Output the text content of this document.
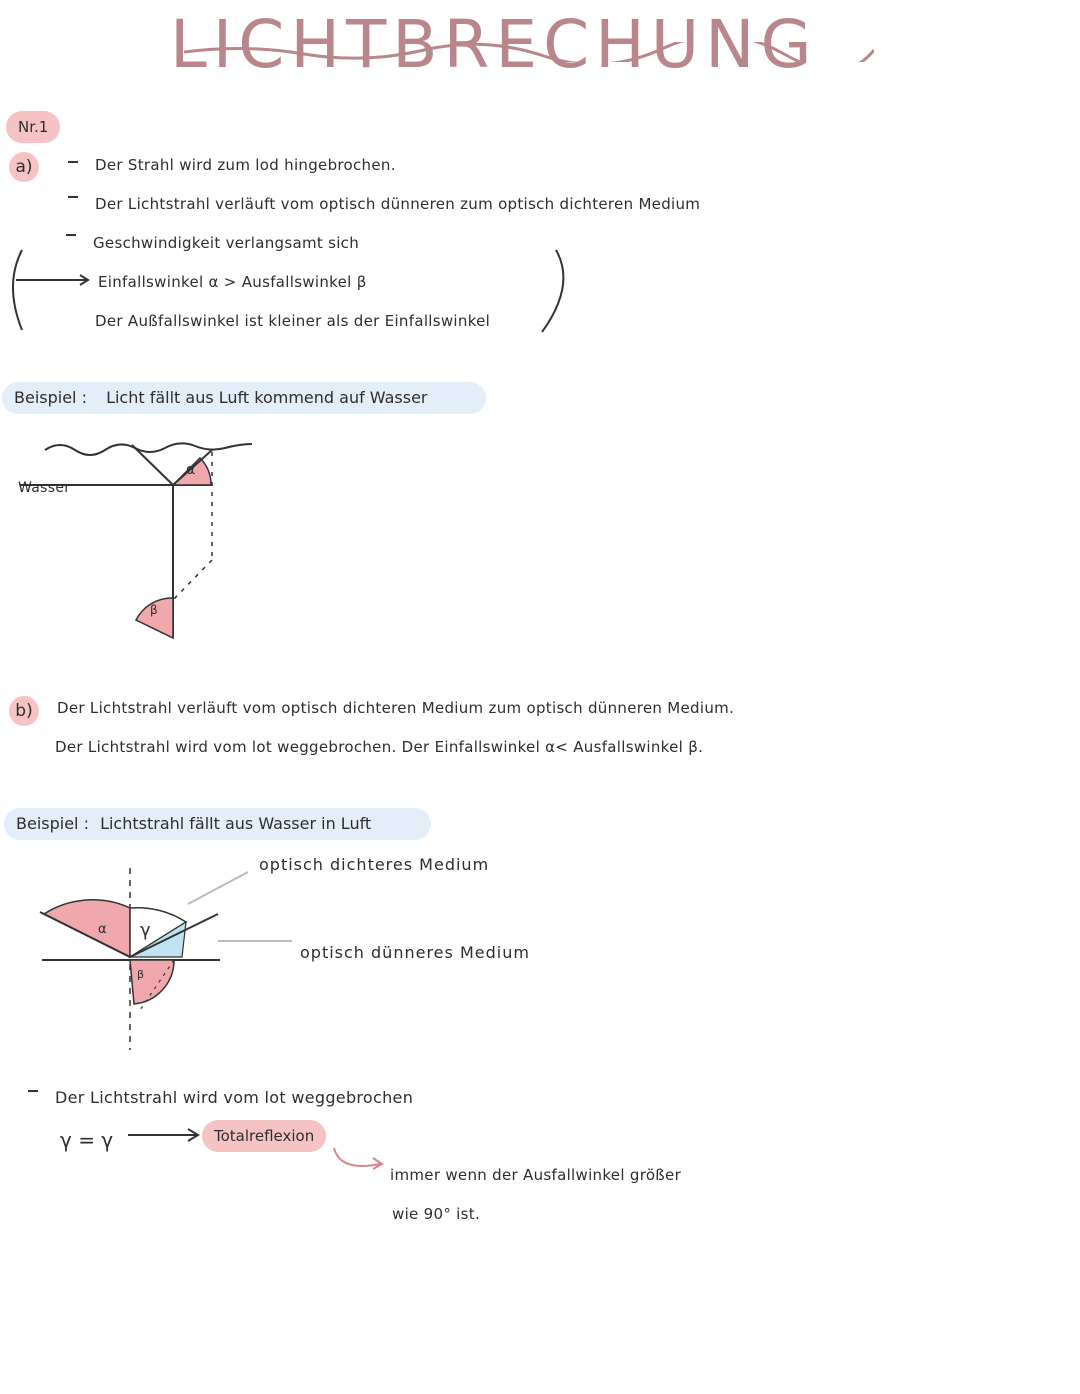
LICHTBRECHUNG
Nr.1
a)	Der Strahl wird zum lod hingebrochen.
Der Lichtstrahl verläuft vom optisch dünneren zum optisch dichteren Medium
Geschwindigkeit verlangsamt sich
Einfallswinkel α > Ausfallswinkel β
Der Außfallswinkel ist kleiner als der Einfallswinkel
Beispiel : Licht fällt aus Luft kommend auf Wasser
Wasser
α
β
b)	Der Lichtstrahl verläuft vom optisch dichteren Medium zum optisch dünneren Medium.
Der Lichtstrahl wird vom lot weggebrochen. Der Einfallswinkel α< Ausfallswinkel β.
Beispiel : Lichtstrahl fällt aus Wasser in Luft
α γ
β
optisch dichteres Medium
optisch dünneres Medium
Der Lichtstrahl wird vom lot weggebrochen
γ = γ	Totalreflexion
immer wenn der Ausfallwinkel größer
wie 90° ist.
